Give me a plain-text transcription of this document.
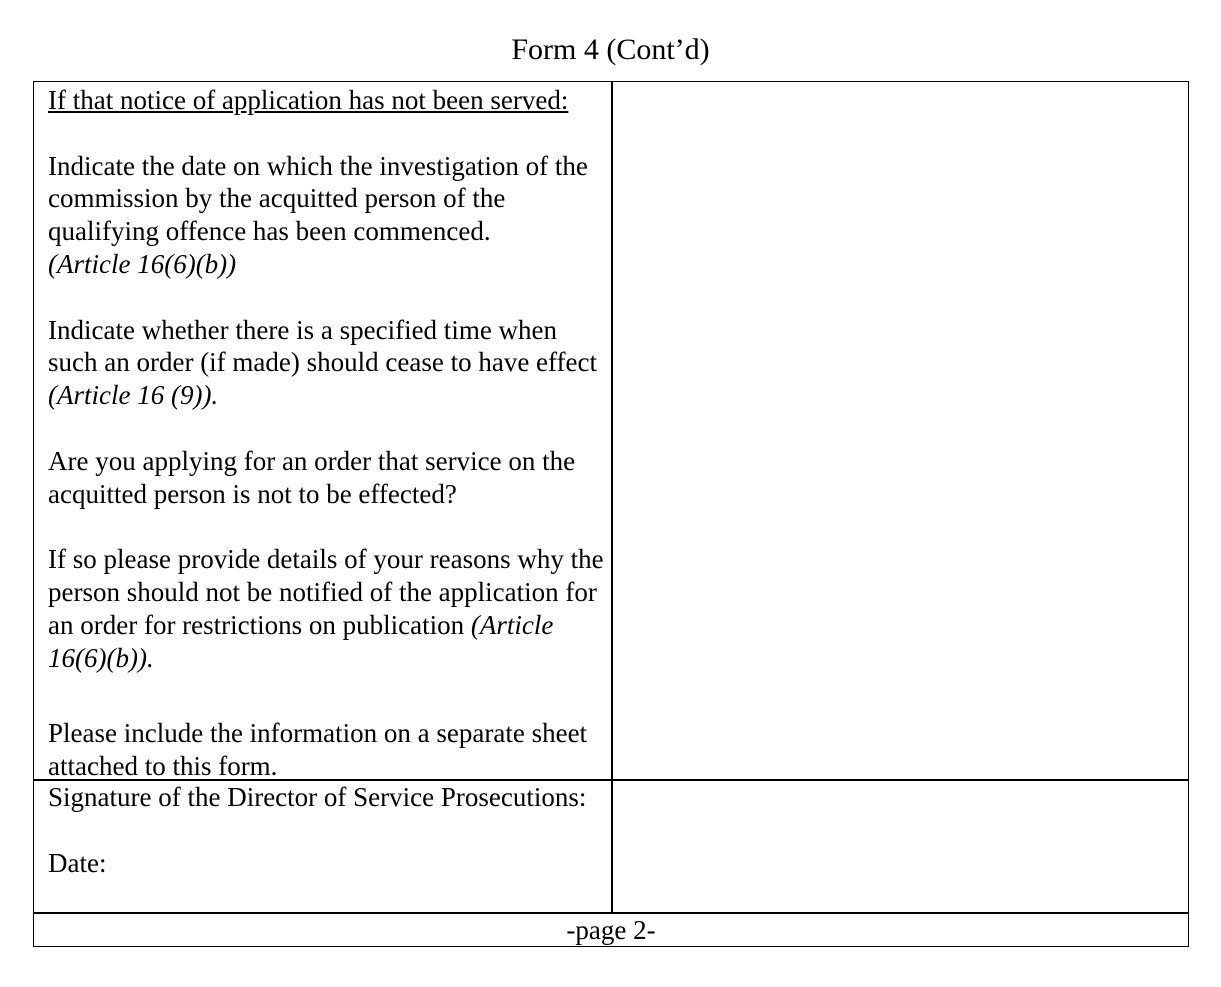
Form 4 (Cont’d)

If that notice of application has not been served:

Indicate the date on which the investigation of the commission by the acquitted person of the qualifying offence has been commenced.
(Article 16(6)(b))

Indicate whether there is a specified time when such an order (if made) should cease to have effect (Article 16 (9)).

Are you applying for an order that service on the acquitted person is not to be effected?

If so please provide details of your reasons why the person should not be notified of the application for an order for restrictions on publication (Article 16(6)(b)).

Please include the information on a separate sheet attached to this form.

Signature of the Director of Service Prosecutions:

Date:

-page 2-
